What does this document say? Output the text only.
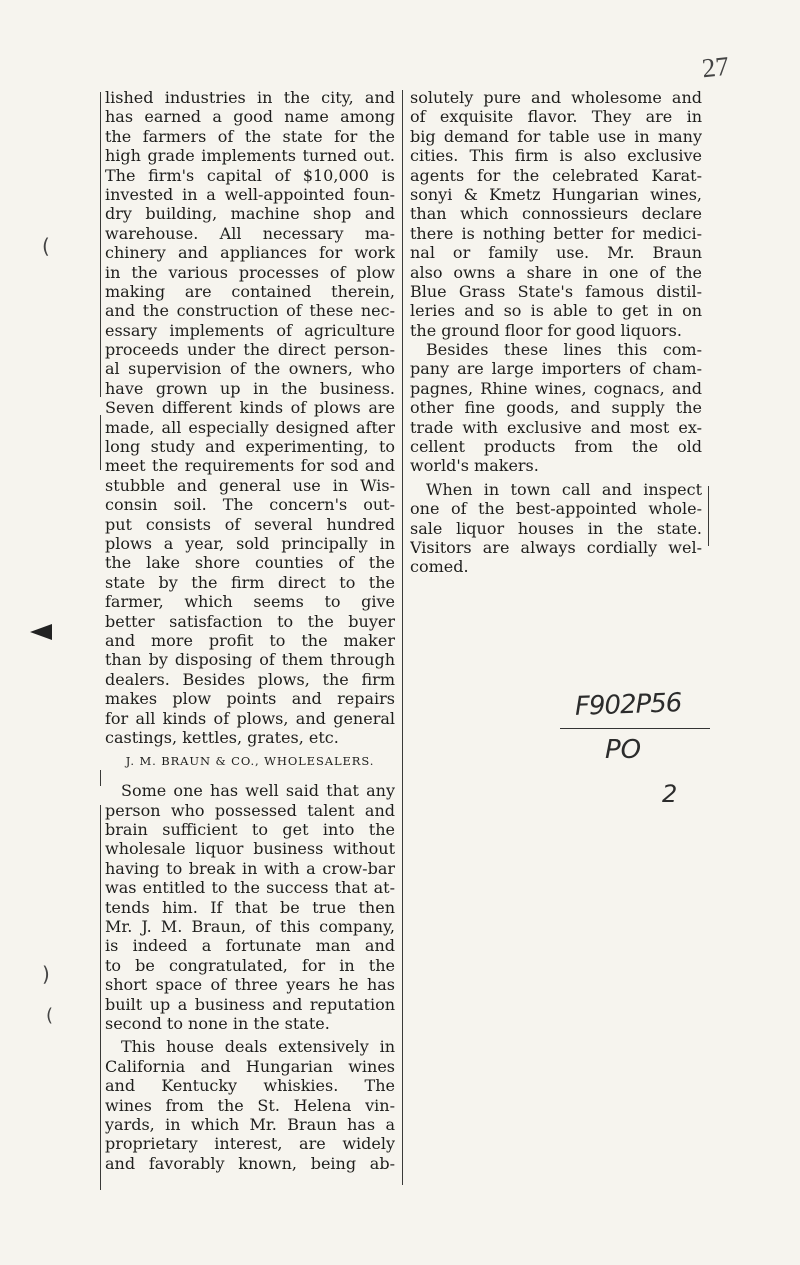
27
lished industries in the city, and
has earned a good name among
the farmers of the state for the
high grade implements turned out.
The firm's capital of $10,000 is
invested in a well-appointed foun-
dry building, machine shop and
warehouse. All necessary ma-
chinery and appliances for work
in the various processes of plow
making are contained therein,
and the construction of these nec-
essary implements of agriculture
proceeds under the direct person-
al supervision of the owners, who
have grown up in the business.
Seven different kinds of plows are
made, all especially designed after
long study and experimenting, to
meet the requirements for sod and
stubble and general use in Wis-
consin soil. The concern's out-
put consists of several hundred
plows a year, sold principally in
the lake shore counties of the
state by the firm direct to the
farmer, which seems to give
better satisfaction to the buyer
and more profit to the maker
than by disposing of them through
dealers. Besides plows, the firm
makes plow points and repairs
for all kinds of plows, and general
castings, kettles, grates, etc.
J. M. BRAUN & CO., WHOLESALERS.
Some one has well said that any
person who possessed talent and
brain sufficient to get into the
wholesale liquor business without
having to break in with a crow-bar
was entitled to the success that at-
tends him. If that be true then
Mr. J. M. Braun, of this company,
is indeed a fortunate man and
to be congratulated, for in the
short space of three years he has
built up a business and reputation
second to none in the state.
This house deals extensively in
California and Hungarian wines
and Kentucky whiskies. The
wines from the St. Helena vin-
yards, in which Mr. Braun has a
proprietary interest, are widely
and favorably known, being ab-
solutely pure and wholesome and
of exquisite flavor. They are in
big demand for table use in many
cities. This firm is also exclusive
agents for the celebrated Karat-
sonyi & Kmetz Hungarian wines,
than which connossieurs declare
there is nothing better for medici-
nal or family use. Mr. Braun
also owns a share in one of the
Blue Grass State's famous distil-
leries and so is able to get in on
the ground floor for good liquors.
Besides these lines this com-
pany are large importers of cham-
pagnes, Rhine wines, cognacs, and
other fine goods, and supply the
trade with exclusive and most ex-
cellent products from the old
world's makers.
When in town call and inspect
one of the best-appointed whole-
sale liquor houses in the state.
Visitors are always cordially wel-
comed.
(
)
(
F902P56
PO
2
